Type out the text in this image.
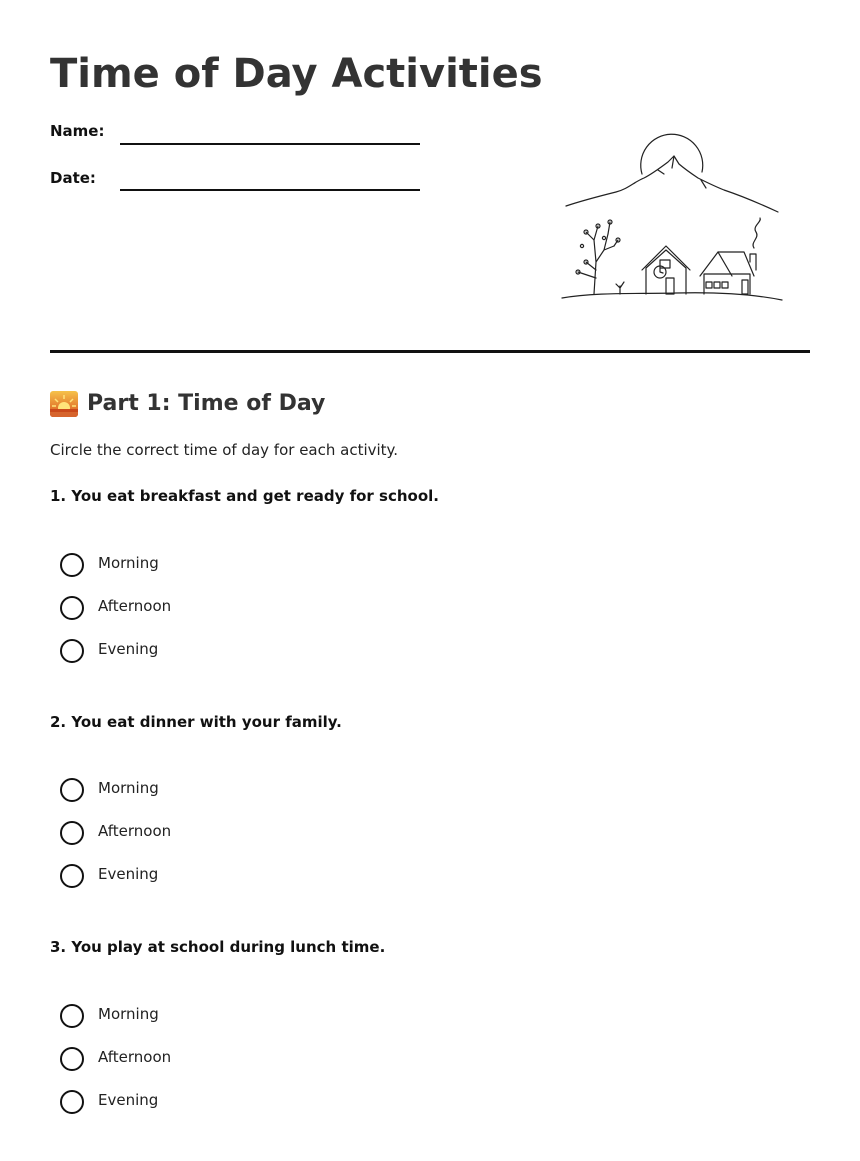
Time of Day Activities
Name:
Date:
Part 1: Time of Day
Circle the correct time of day for each activity.
1. You eat breakfast and get ready for school.
Morning
Afternoon
Evening
2. You eat dinner with your family.
Morning
Afternoon
Evening
3. You play at school during lunch time.
Morning
Afternoon
Evening
